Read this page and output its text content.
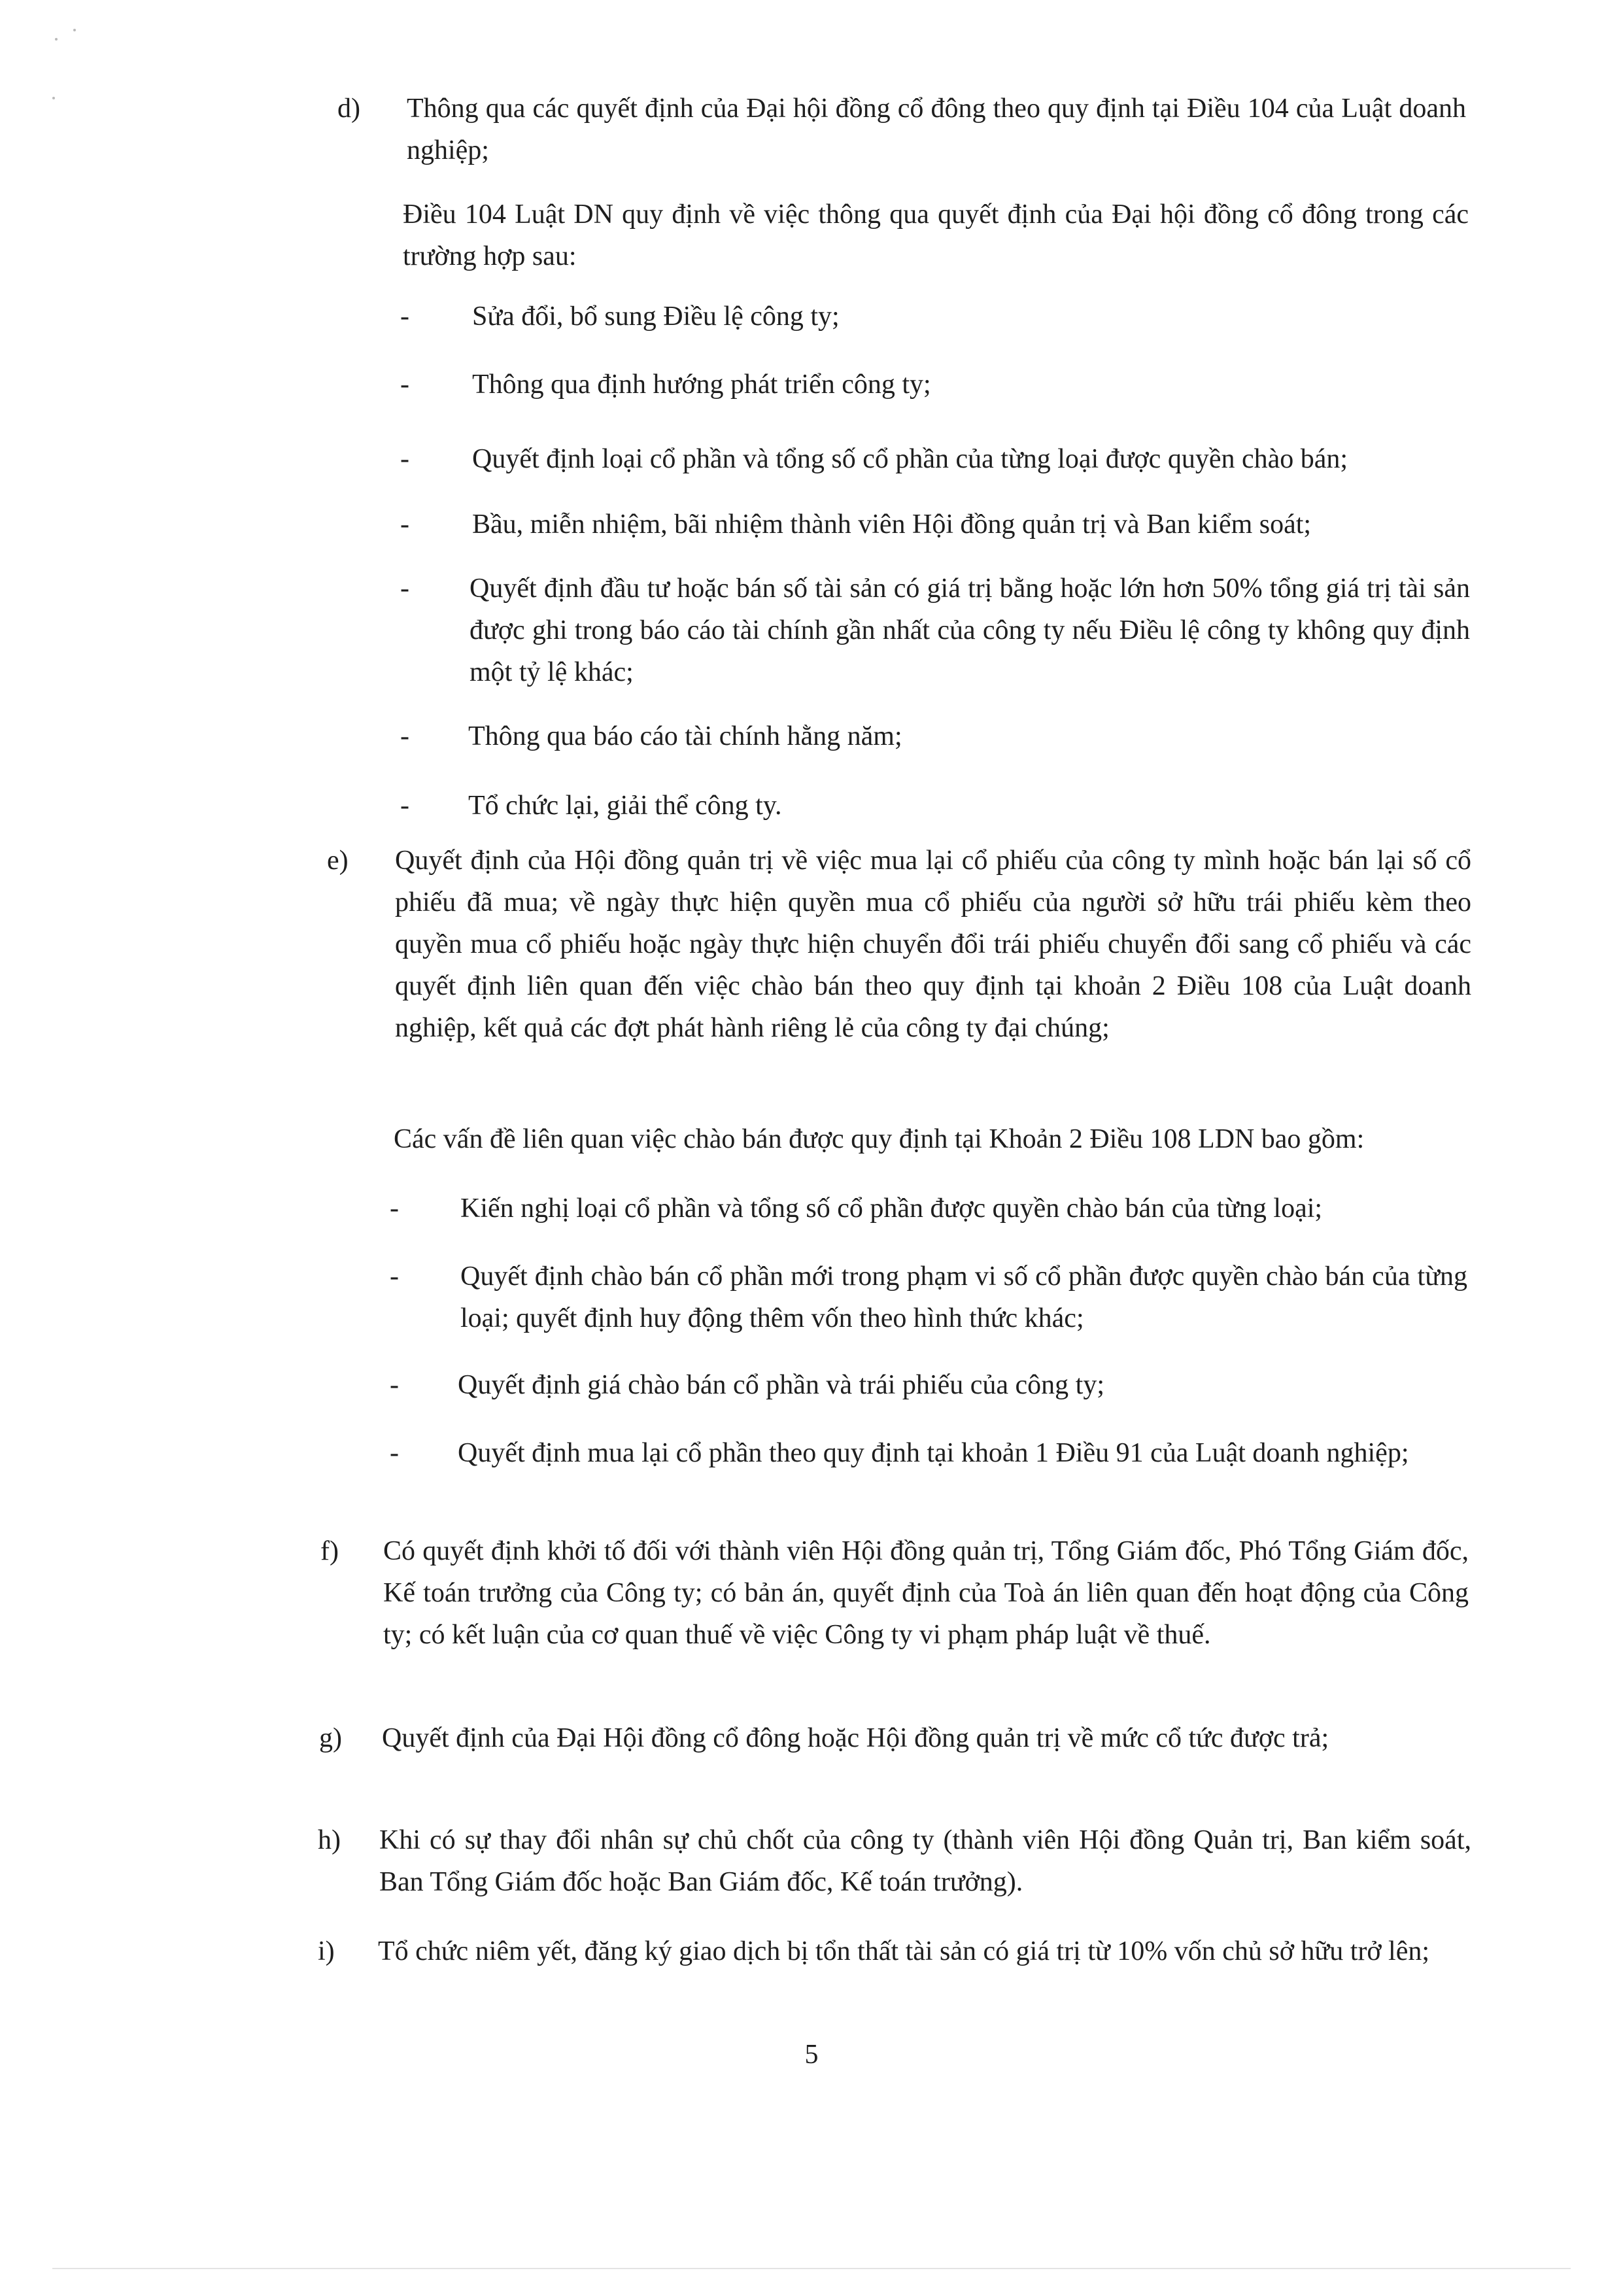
d) Thông qua các quyết định của Đại hội đồng cổ đông theo quy định tại Điều 104 của Luật doanh nghiệp;

Điều 104 Luật DN quy định về việc thông qua quyết định của Đại hội đồng cổ đông trong các trường hợp sau:

- Sửa đổi, bổ sung Điều lệ công ty;

- Thông qua định hướng phát triển công ty;

- Quyết định loại cổ phần và tổng số cổ phần của từng loại được quyền chào bán;

- Bầu, miễn nhiệm, bãi nhiệm thành viên Hội đồng quản trị và Ban kiểm soát;

- Quyết định đầu tư hoặc bán số tài sản có giá trị bằng hoặc lớn hơn 50% tổng giá trị tài sản được ghi trong báo cáo tài chính gần nhất của công ty nếu Điều lệ công ty không quy định một tỷ lệ khác;

- Thông qua báo cáo tài chính hằng năm;

- Tổ chức lại, giải thể công ty.

e) Quyết định của Hội đồng quản trị về việc mua lại cổ phiếu của công ty mình hoặc bán lại số cổ phiếu đã mua; về ngày thực hiện quyền mua cổ phiếu của người sở hữu trái phiếu kèm theo quyền mua cổ phiếu hoặc ngày thực hiện chuyển đổi trái phiếu chuyển đổi sang cổ phiếu và các quyết định liên quan đến việc chào bán theo quy định tại khoản 2 Điều 108 của Luật doanh nghiệp, kết quả các đợt phát hành riêng lẻ của công ty đại chúng;

Các vấn đề liên quan việc chào bán được quy định tại Khoản 2 Điều 108 LDN bao gồm:

- Kiến nghị loại cổ phần và tổng số cổ phần được quyền chào bán của từng loại;

- Quyết định chào bán cổ phần mới trong phạm vi số cổ phần được quyền chào bán của từng loại; quyết định huy động thêm vốn theo hình thức khác;

- Quyết định giá chào bán cổ phần và trái phiếu của công ty;

- Quyết định mua lại cổ phần theo quy định tại khoản 1 Điều 91 của Luật doanh nghiệp;

f) Có quyết định khởi tố đối với thành viên Hội đồng quản trị, Tổng Giám đốc, Phó Tổng Giám đốc, Kế toán trưởng của Công ty; có bản án, quyết định của Toà án liên quan đến hoạt động của Công ty; có kết luận của cơ quan thuế về việc Công ty vi phạm pháp luật về thuế.

g) Quyết định của Đại Hội đồng cổ đông hoặc Hội đồng quản trị về mức cổ tức được trả;

h) Khi có sự thay đổi nhân sự chủ chốt của công ty (thành viên Hội đồng Quản trị, Ban kiểm soát, Ban Tổng Giám đốc hoặc Ban Giám đốc, Kế toán trưởng).

i) Tổ chức niêm yết, đăng ký giao dịch bị tổn thất tài sản có giá trị từ 10% vốn chủ sở hữu trở lên;

5
